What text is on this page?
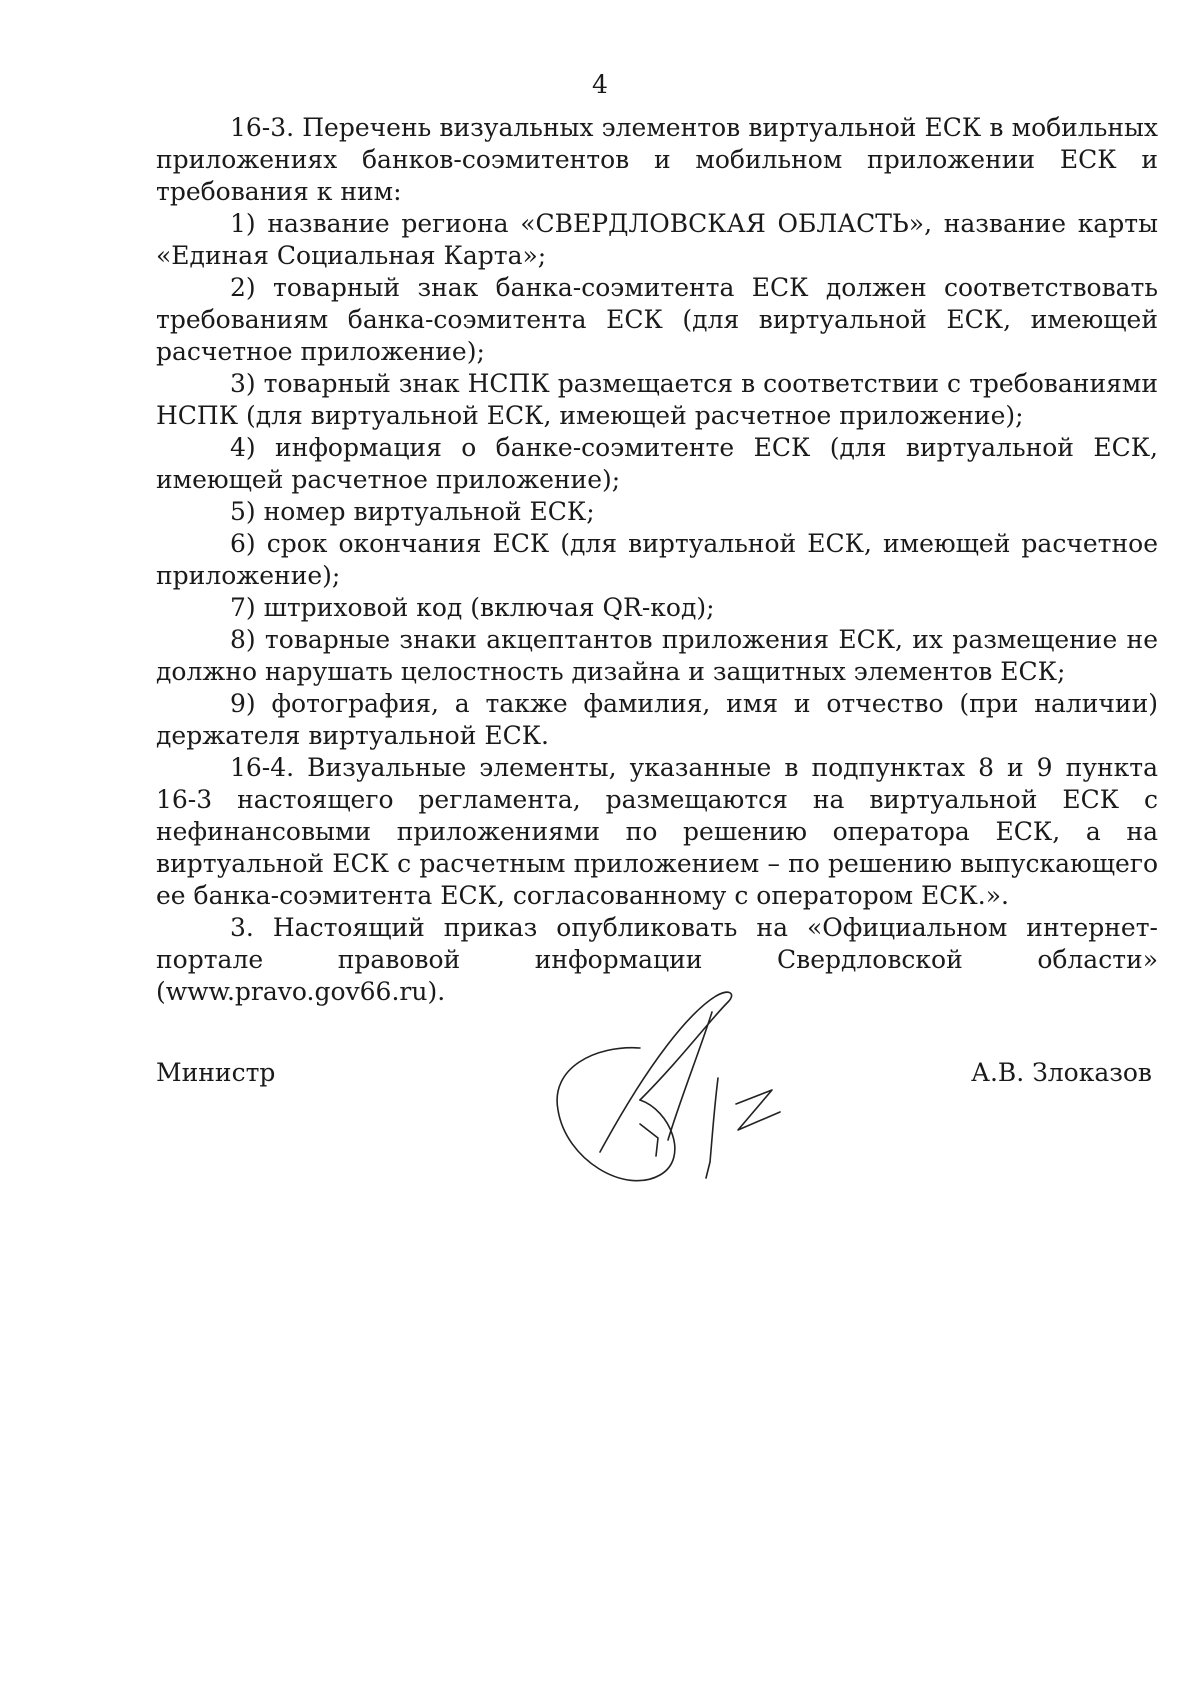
4

16-3. Перечень визуальных элементов виртуальной ЕСК в мобильных приложениях банков-соэмитентов и мобильном приложении ЕСК и требования к ним:

1) название региона «СВЕРДЛОВСКАЯ ОБЛАСТЬ», название карты «Единая Социальная Карта»;

2) товарный знак банка-соэмитента ЕСК должен соответствовать требованиям банка-соэмитента ЕСК (для виртуальной ЕСК, имеющей расчетное приложение);

3) товарный знак НСПК размещается в соответствии с требованиями НСПК (для виртуальной ЕСК, имеющей расчетное приложение);

4) информация о банке-соэмитенте ЕСК (для виртуальной ЕСК, имеющей расчетное приложение);

5) номер виртуальной ЕСК;

6) срок окончания ЕСК (для виртуальной ЕСК, имеющей расчетное приложение);

7) штриховой код (включая QR-код);

8) товарные знаки акцептантов приложения ЕСК, их размещение не должно нарушать целостность дизайна и защитных элементов ЕСК;

9) фотография, а также фамилия, имя и отчество (при наличии) держателя виртуальной ЕСК.

16-4. Визуальные элементы, указанные в подпунктах 8 и 9 пункта 16-3 настоящего регламента, размещаются на виртуальной ЕСК с нефинансовыми приложениями по решению оператора ЕСК, а на виртуальной ЕСК с расчетным приложением – по решению выпускающего ее банка-соэмитента ЕСК, согласованному с оператором ЕСК.».

3. Настоящий приказ опубликовать на «Официальном интернет-портале правовой информации Свердловской области» (www.pravo.gov66.ru).

Министр	А.В. Злоказов
